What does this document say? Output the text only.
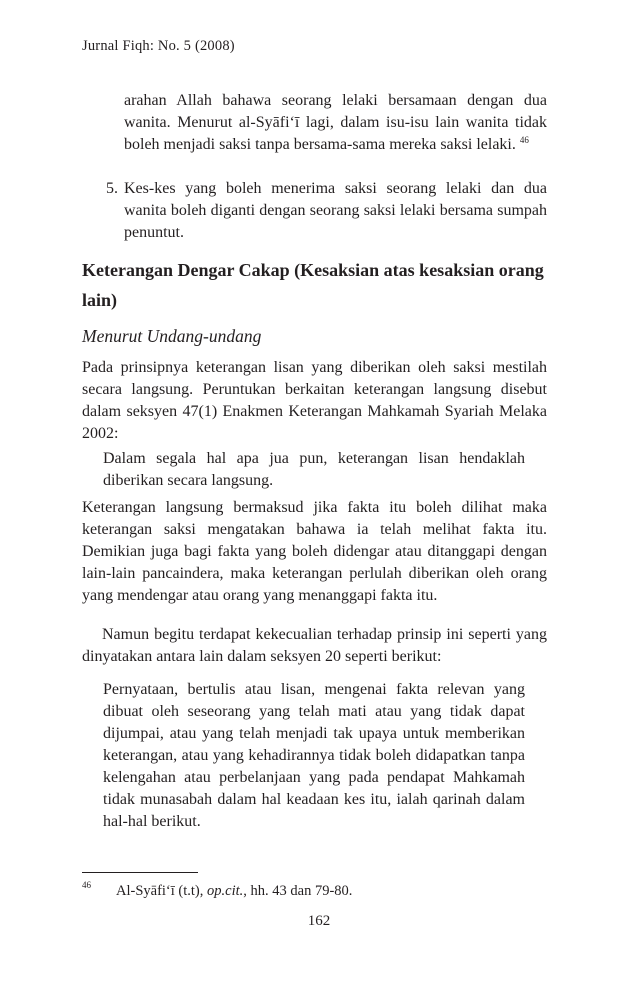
Jurnal Fiqh: No. 5 (2008)
arahan Allah bahawa seorang lelaki bersamaan dengan dua wanita. Menurut al-Syāfiʻī lagi, dalam isu-isu lain wanita tidak boleh menjadi saksi tanpa bersama-sama mereka saksi lelaki. $^{46}$
5. Kes-kes yang boleh menerima saksi seorang lelaki dan dua wanita boleh diganti dengan seorang saksi lelaki bersama sumpah penuntut.
Keterangan Dengar Cakap (Kesaksian atas kesaksian orang lain)
Menurut Undang-undang

Pada prinsipnya keterangan lisan yang diberikan oleh saksi mestilah secara langsung. Peruntukan berkaitan keterangan langsung disebut dalam seksyen 47(1) Enakmen Keterangan Mahkamah Syariah Melaka 2002:

Dalam segala hal apa jua pun, keterangan lisan hendaklah diberikan secara langsung.

Keterangan langsung bermaksud jika fakta itu boleh dilihat maka keterangan saksi mengatakan bahawa ia telah melihat fakta itu. Demikian juga bagi fakta yang boleh didengar atau ditanggapi dengan lain-lain pancaindera, maka keterangan perlulah diberikan oleh orang yang mendengar atau orang yang menanggapi fakta itu.

Namun begitu terdapat kekecualian terhadap prinsip ini seperti yang dinyatakan antara lain dalam seksyen 20 seperti berikut:

Pernyataan, bertulis atau lisan, mengenai fakta relevan yang dibuat oleh seseorang yang telah mati atau yang tidak dapat dijumpai, atau yang telah menjadi tak upaya untuk memberikan keterangan, atau yang kehadirannya tidak boleh didapatkan tanpa kelengahan atau perbelanjaan yang pada pendapat Mahkamah tidak munasabah dalam hal keadaan kes itu, ialah qarinah dalam hal-hal berikut.

46 Al-Syāfiʻī (t.t), op.cit., hh. 43 dan 79-80.
162
